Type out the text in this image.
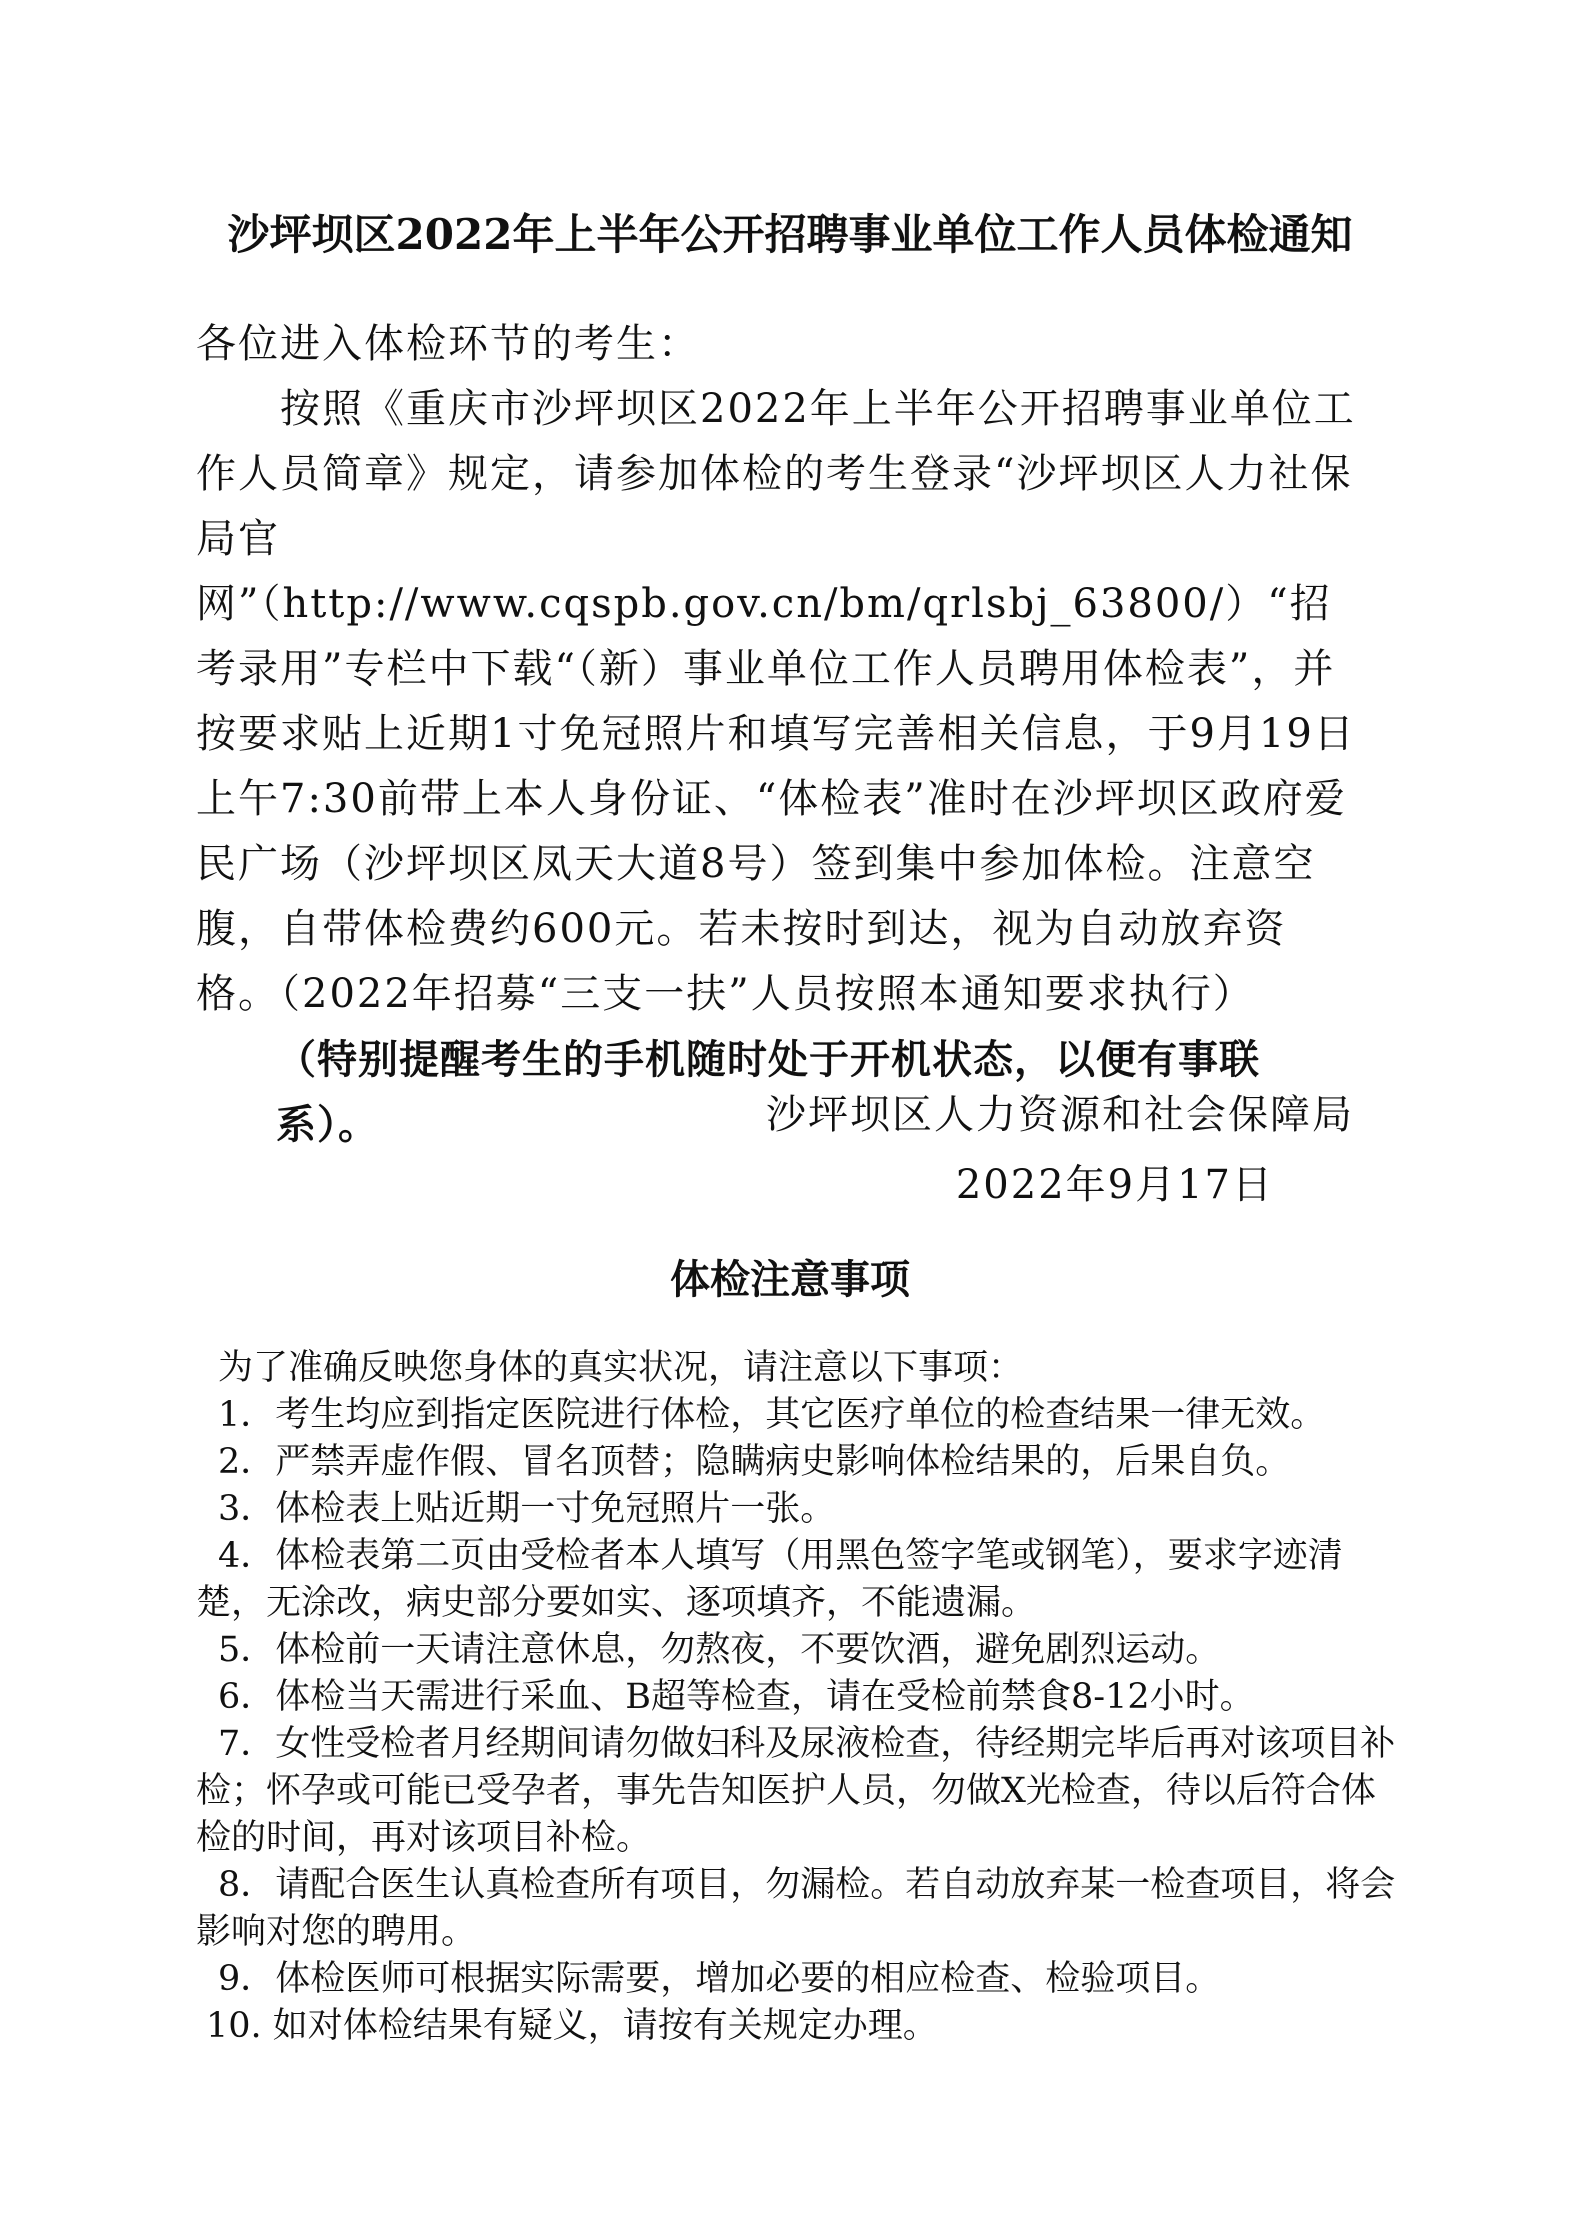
沙坪坝区2022年上半年公开招聘事业单位工作人员体检通知

各位进入体检环节的考生：

按照《重庆市沙坪坝区2022年上半年公开招聘事业单位工作人员简章》规定，请参加体检的考生登录“沙坪坝区人力社保局官网”（http://www.cqspb.gov.cn/bm/qrlsbj_63800/）“招考录用”专栏中下载“（新）事业单位工作人员聘用体检表”，并按要求贴上近期1寸免冠照片和填写完善相关信息，于9月19日上午7:30前带上本人身份证、“体检表”准时在沙坪坝区政府爱民广场（沙坪坝区凤天大道8号）签到集中参加体检。注意空腹，自带体检费约600元。若未按时到达，视为自动放弃资格。（2022年招募“三支一扶”人员按照本通知要求执行）

（特别提醒考生的手机随时处于开机状态，以便有事联系）。	沙坪坝区人力资源和社会保障局
2022年9月17日
体检注意事项

为了准确反映您身体的真实状况，请注意以下事项：

1．考生均应到指定医院进行体检，其它医疗单位的检查结果一律无效。

2．严禁弄虚作假、冒名顶替；隐瞒病史影响体检结果的，后果自负。

3．体检表上贴近期一寸免冠照片一张。

4．体检表第二页由受检者本人填写（用黑色签字笔或钢笔），要求字迹清楚，无涂改，病史部分要如实、逐项填齐，不能遗漏。

5．体检前一天请注意休息，勿熬夜，不要饮酒，避免剧烈运动。

6．体检当天需进行采血、B超等检查，请在受检前禁食8-12小时。

7．女性受检者月经期间请勿做妇科及尿液检查，待经期完毕后再对该项目补检；怀孕或可能已受孕者，事先告知医护人员，勿做X光检查，待以后符合体检的时间，再对该项目补检。

8．请配合医生认真检查所有项目，勿漏检。若自动放弃某一检查项目，将会影响对您的聘用。

9．体检医师可根据实际需要，增加必要的相应检查、检验项目。

10. 如对体检结果有疑义，请按有关规定办理。
